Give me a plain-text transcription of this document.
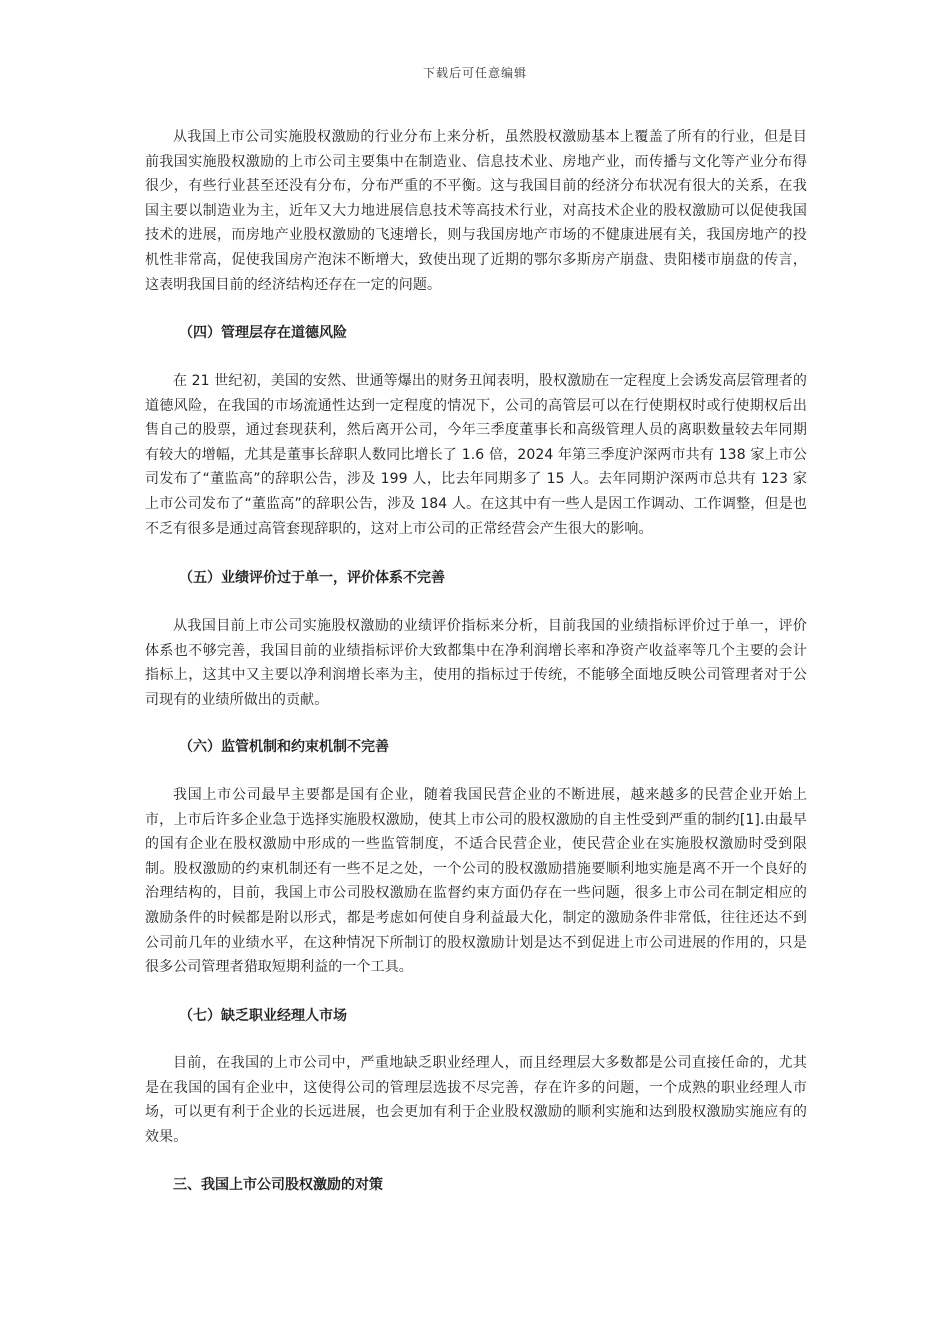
下载后可任意编辑

从我国上市公司实施股权激励的行业分布上来分析，虽然股权激励基本上覆盖了所有的行业，但是目前我国实施股权激励的上市公司主要集中在制造业、信息技术业、房地产业，而传播与文化等产业分布得很少，有些行业甚至还没有分布，分布严重的不平衡。这与我国目前的经济分布状况有很大的关系，在我国主要以制造业为主，近年又大力地进展信息技术等高技术行业，对高技术企业的股权激励可以促使我国技术的进展，而房地产业股权激励的飞速增长，则与我国房地产市场的不健康进展有关，我国房地产的投机性非常高，促使我国房产泡沫不断增大，致使出现了近期的鄂尔多斯房产崩盘、贵阳楼市崩盘的传言，这表明我国目前的经济结构还存在一定的问题。

（四）管理层存在道德风险

在 21 世纪初，美国的安然、世通等爆出的财务丑闻表明，股权激励在一定程度上会诱发高层管理者的道德风险，在我国的市场流通性达到一定程度的情况下，公司的高管层可以在行使期权时或行使期权后出售自己的股票，通过套现获利，然后离开公司，今年三季度董事长和高级管理人员的离职数量较去年同期有较大的增幅，尤其是董事长辞职人数同比增长了 1.6 倍，2024 年第三季度沪深两市共有 138 家上市公司发布了“董监高”的辞职公告，涉及 199 人，比去年同期多了 15 人。去年同期沪深两市总共有 123 家上市公司发布了“董监高”的辞职公告，涉及 184 人。在这其中有一些人是因工作调动、工作调整，但是也不乏有很多是通过高管套现辞职的，这对上市公司的正常经营会产生很大的影响。

（五）业绩评价过于单一，评价体系不完善

从我国目前上市公司实施股权激励的业绩评价指标来分析，目前我国的业绩指标评价过于单一，评价体系也不够完善，我国目前的业绩指标评价大致都集中在净利润增长率和净资产收益率等几个主要的会计指标上，这其中又主要以净利润增长率为主，使用的指标过于传统，不能够全面地反映公司管理者对于公司现有的业绩所做出的贡献。

（六）监管机制和约束机制不完善

我国上市公司最早主要都是国有企业，随着我国民营企业的不断进展，越来越多的民营企业开始上市，上市后许多企业急于选择实施股权激励，使其上市公司的股权激励的自主性受到严重的制约[1].由最早的国有企业在股权激励中形成的一些监管制度，不适合民营企业，使民营企业在实施股权激励时受到限制。股权激励的约束机制还有一些不足之处，一个公司的股权激励措施要顺利地实施是离不开一个良好的治理结构的，目前，我国上市公司股权激励在监督约束方面仍存在一些问题，很多上市公司在制定相应的激励条件的时候都是附以形式，都是考虑如何使自身利益最大化，制定的激励条件非常低，往往还达不到公司前几年的业绩水平，在这种情况下所制订的股权激励计划是达不到促进上市公司进展的作用的，只是很多公司管理者猎取短期利益的一个工具。

（七）缺乏职业经理人市场

目前，在我国的上市公司中，严重地缺乏职业经理人，而且经理层大多数都是公司直接任命的，尤其是在我国的国有企业中，这使得公司的管理层选拔不尽完善，存在许多的问题，一个成熟的职业经理人市场，可以更有利于企业的长远进展，也会更加有利于企业股权激励的顺利实施和达到股权激励实施应有的效果。

三、我国上市公司股权激励的对策
